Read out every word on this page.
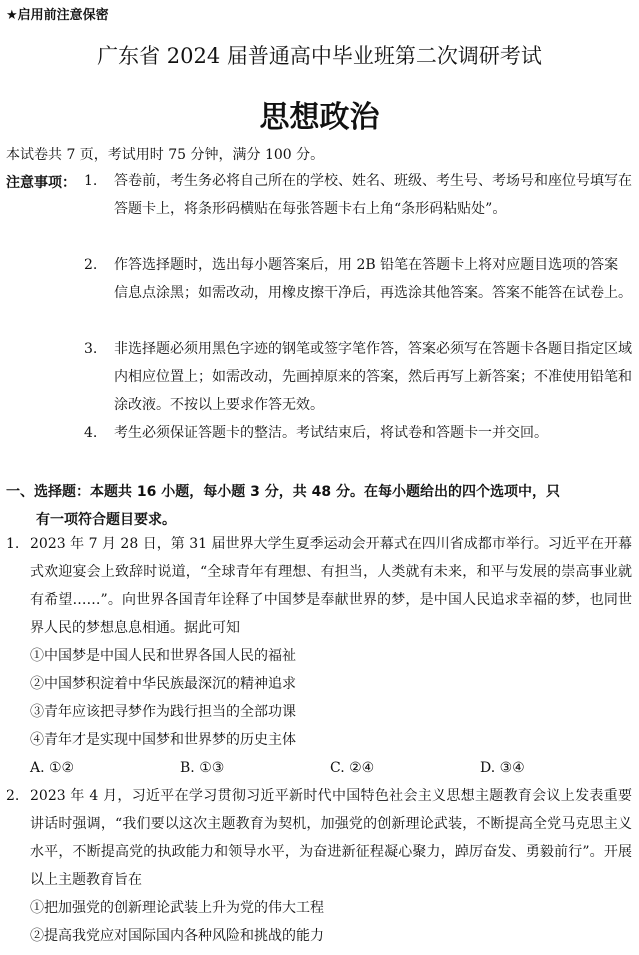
★启用前注意保密
广东省 2024 届普通高中毕业班第二次调研考试
思想政治
本试卷共 7 页，考试用时 75 分钟，满分 100 分。
注意事项： 1.	答卷前，考生务必将自己所在的学校、姓名、班级、考生号、考场号和座位号填写在答题卡上，将条形码横贴在每张答题卡右上角“条形码粘贴处”。
2.	作答选择题时，选出每小题答案后，用 2B 铅笔在答题卡上将对应题目选项的答案信息点涂黑；如需改动，用橡皮擦干净后，再选涂其他答案。答案不能答在试卷上。
3.	非选择题必须用黑色字迹的钢笔或签字笔作答，答案必须写在答题卡各题目指定区域内相应位置上；如需改动，先画掉原来的答案，然后再写上新答案；不准使用铅笔和涂改液。不按以上要求作答无效。
4.	考生必须保证答题卡的整洁。考试结束后，将试卷和答题卡一并交回。
一、选择题：本题共 16 小题，每小题 3 分，共 48 分。在每小题给出的四个选项中，只
有一项符合题目要求。
1. 2023 年 7 月 28 日，第 31 届世界大学生夏季运动会开幕式在四川省成都市举行。习近平在开幕式欢迎宴会上致辞时说道，“全球青年有理想、有担当，人类就有未来，和平与发展的崇高事业就有希望……”。向世界各国青年诠释了中国梦是奉献世界的梦，是中国人民追求幸福的梦，也同世界人民的梦想息息相通。据此可知
①中国梦是中国人民和世界各国人民的福祉
②中国梦积淀着中华民族最深沉的精神追求
③青年应该把寻梦作为践行担当的全部功课
④青年才是实现中国梦和世界梦的历史主体
A. ①②	B. ①③	C. ②④	D. ③④
2. 2023 年 4 月，习近平在学习贯彻习近平新时代中国特色社会主义思想主题教育会议上发表重要讲话时强调，“我们要以这次主题教育为契机，加强党的创新理论武装，不断提高全党马克思主义水平，不断提高党的执政能力和领导水平，为奋进新征程凝心聚力，踔厉奋发、勇毅前行”。开展以上主题教育旨在
①把加强党的创新理论武装上升为党的伟大工程
②提高我党应对国际国内各种风险和挑战的能力
